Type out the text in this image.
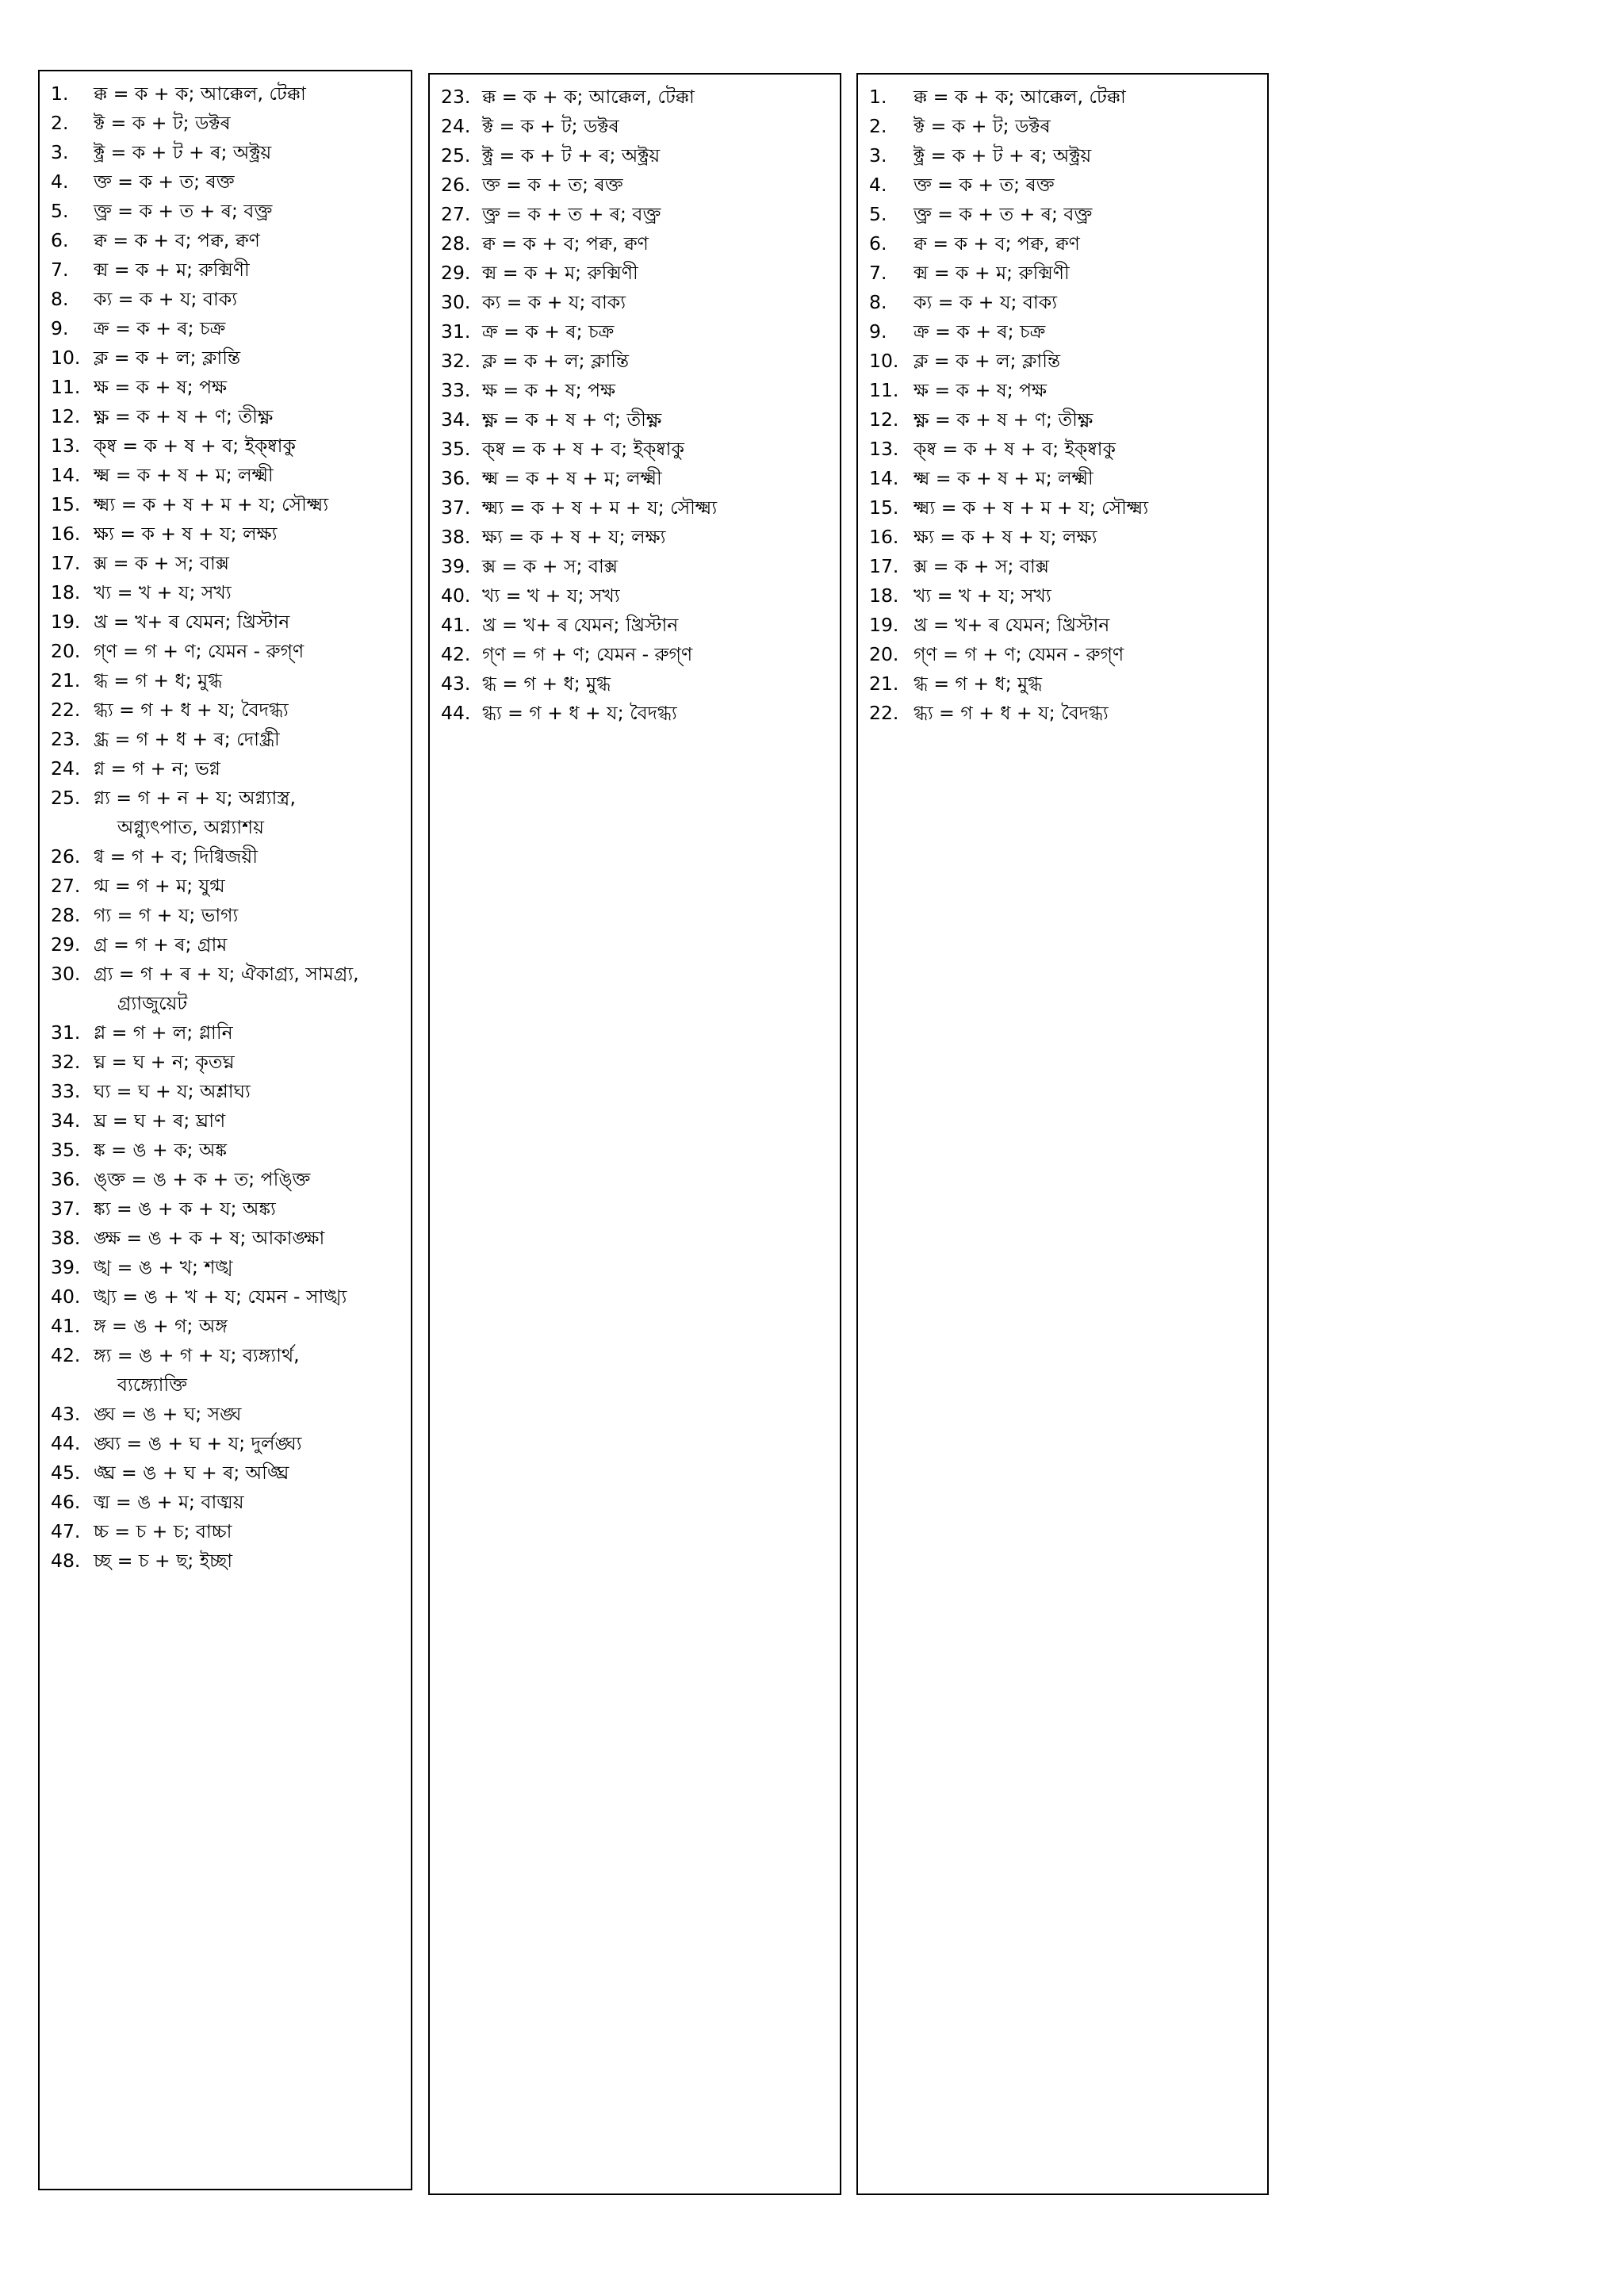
1.	ক্ক = ক + ক; আক্কেল, টেক্কা
2.	ক্ট = ক + ট; ডক্টৰ
3.	ক্ট্র = ক + ট + ৰ; অক্ট্রয়
4.	ক্ত = ক + ত; ৰক্ত
5.	ক্ত্র = ক + ত + ৰ; বক্ত্র
6.	ক্ব = ক + ব; পক্ব, ক্বণ
7.	ক্ম = ক + ম; রুক্মিণী
8.	ক্য = ক + য; বাক্য
9.	ক্র = ক + ৰ; চক্র
10. ক্ল = ক + ল; ক্লান্তি
11. ক্ষ = ক + ষ; পক্ষ
12. ক্ষ্ণ = ক + ষ + ণ; তীক্ষ্ণ
13. ক্ষ্ব = ক + ষ + ব; ইক্ষ্বাকু
14. ক্ষ্ম = ক + ষ + ম; লক্ষ্মী
15. ক্ষ্ম্য = ক + ষ + ম + য; সৌক্ষ্ম্য
16. ক্ষ্য = ক + ষ + য; লক্ষ্য
17. ক্স = ক + স; বাক্স
18. খ্য = খ + য; সখ্য
19. খ্র = খ+ ৰ যেমন; খ্রিস্টান
20. গ্ণ = গ + ণ; যেমন - রুগ্ণ
21. গ্ধ = গ + ধ; মুগ্ধ
22. গ্ধ্য = গ + ধ + য; বৈদগ্ধ্য
23. গ্ধ্র = গ + ধ + ৰ; দোগ্ধ্রী
24. গ্ন = গ + ন; ভগ্ন
25. গ্ন্য = গ + ন + য; অগ্ন্যাস্ত্র,
অগ্ন্যুৎপাত, অগ্ন্যাশয়
26. গ্ব = গ + ব; দিগ্বিজয়ী
27. গ্ম = গ + ম; যুগ্ম
28. গ্য = গ + য; ভাগ্য
29. গ্র = গ + ৰ; গ্রাম
30. গ্র্য = গ + ৰ + য; ঐকাগ্র্য, সামগ্র্য,
গ্র্যাজুয়েট
31. গ্ল = গ + ল; গ্লানি
32. ঘ্ন = ঘ + ন; কৃতঘ্ন
33. ঘ্য = ঘ + য; অশ্লাঘ্য
34. ঘ্র = ঘ + ৰ; ঘ্রাণ
35. ঙ্ক = ঙ + ক; অঙ্ক
36. ঙ্ক্ত = ঙ + ক + ত; পঙ্ক্তি
37. ঙ্ক্য = ঙ + ক + য; অঙ্ক্য
38. ঙ্ক্ষ = ঙ + ক + ষ; আকাঙ্ক্ষা
39. ঙ্খ = ঙ + খ; শঙ্খ
40. ঙ্খ্য = ঙ + খ + য; যেমন - সাঙ্খ্য
41. ঙ্গ = ঙ + গ; অঙ্গ
42. ঙ্গ্য = ঙ + গ + য; ব্যঙ্গ্যার্থ,
ব্যঙ্গ্যোক্তি
43. ঙ্ঘ = ঙ + ঘ; সঙ্ঘ
44. ঙ্ঘ্য = ঙ + ঘ + য; দুর্লঙ্ঘ্য
45. ঙ্ঘ্র = ঙ + ঘ + ৰ; অঙ্ঘ্রি
46. ঙ্ম = ঙ + ম; বাঙ্ময়
47. চ্চ = চ + চ; বাচ্চা
48. চ্ছ = চ + ছ; ইচ্ছা
23. ক্ক = ক + ক; আক্কেল, টেক্কা
24. ক্ট = ক + ট; ডক্টৰ
25. ক্ট্র = ক + ট + ৰ; অক্ট্রয়
26. ক্ত = ক + ত; ৰক্ত
27. ক্ত্র = ক + ত + ৰ; বক্ত্র
28. ক্ব = ক + ব; পক্ব, ক্বণ
29. ক্ম = ক + ম; রুক্মিণী
30. ক্য = ক + য; বাক্য
31. ক্র = ক + ৰ; চক্র
32. ক্ল = ক + ল; ক্লান্তি
33. ক্ষ = ক + ষ; পক্ষ
34. ক্ষ্ণ = ক + ষ + ণ; তীক্ষ্ণ
35. ক্ষ্ব = ক + ষ + ব; ইক্ষ্বাকু
36. ক্ষ্ম = ক + ষ + ম; লক্ষ্মী
37. ক্ষ্ম্য = ক + ষ + ম + য; সৌক্ষ্ম্য
38. ক্ষ্য = ক + ষ + য; লক্ষ্য
39. ক্স = ক + স; বাক্স
40. খ্য = খ + য; সখ্য
41. খ্র = খ+ ৰ যেমন; খ্রিস্টান
42. গ্ণ = গ + ণ; যেমন - রুগ্ণ
43. গ্ধ = গ + ধ; মুগ্ধ
44. গ্ধ্য = গ + ধ + য; বৈদগ্ধ্য
1.	ক্ক = ক + ক; আক্কেল, টেক্কা
2.	ক্ট = ক + ট; ডক্টৰ
3.	ক্ট্র = ক + ট + ৰ; অক্ট্রয়
4.	ক্ত = ক + ত; ৰক্ত
5.	ক্ত্র = ক + ত + ৰ; বক্ত্র
6.	ক্ব = ক + ব; পক্ব, ক্বণ
7.	ক্ম = ক + ম; রুক্মিণী
8.	ক্য = ক + য; বাক্য
9.	ক্র = ক + ৰ; চক্র
10. ক্ল = ক + ল; ক্লান্তি
11. ক্ষ = ক + ষ; পক্ষ
12. ক্ষ্ণ = ক + ষ + ণ; তীক্ষ্ণ
13. ক্ষ্ব = ক + ষ + ব; ইক্ষ্বাকু
14. ক্ষ্ম = ক + ষ + ম; লক্ষ্মী
15. ক্ষ্ম্য = ক + ষ + ম + য; সৌক্ষ্ম্য
16. ক্ষ্য = ক + ষ + য; লক্ষ্য
17. ক্স = ক + স; বাক্স
18. খ্য = খ + য; সখ্য
19. খ্র = খ+ ৰ যেমন; খ্রিস্টান
20. গ্ণ = গ + ণ; যেমন - রুগ্ণ
21. গ্ধ = গ + ধ; মুগ্ধ
22. গ্ধ্য = গ + ধ + য; বৈদগ্ধ্য
